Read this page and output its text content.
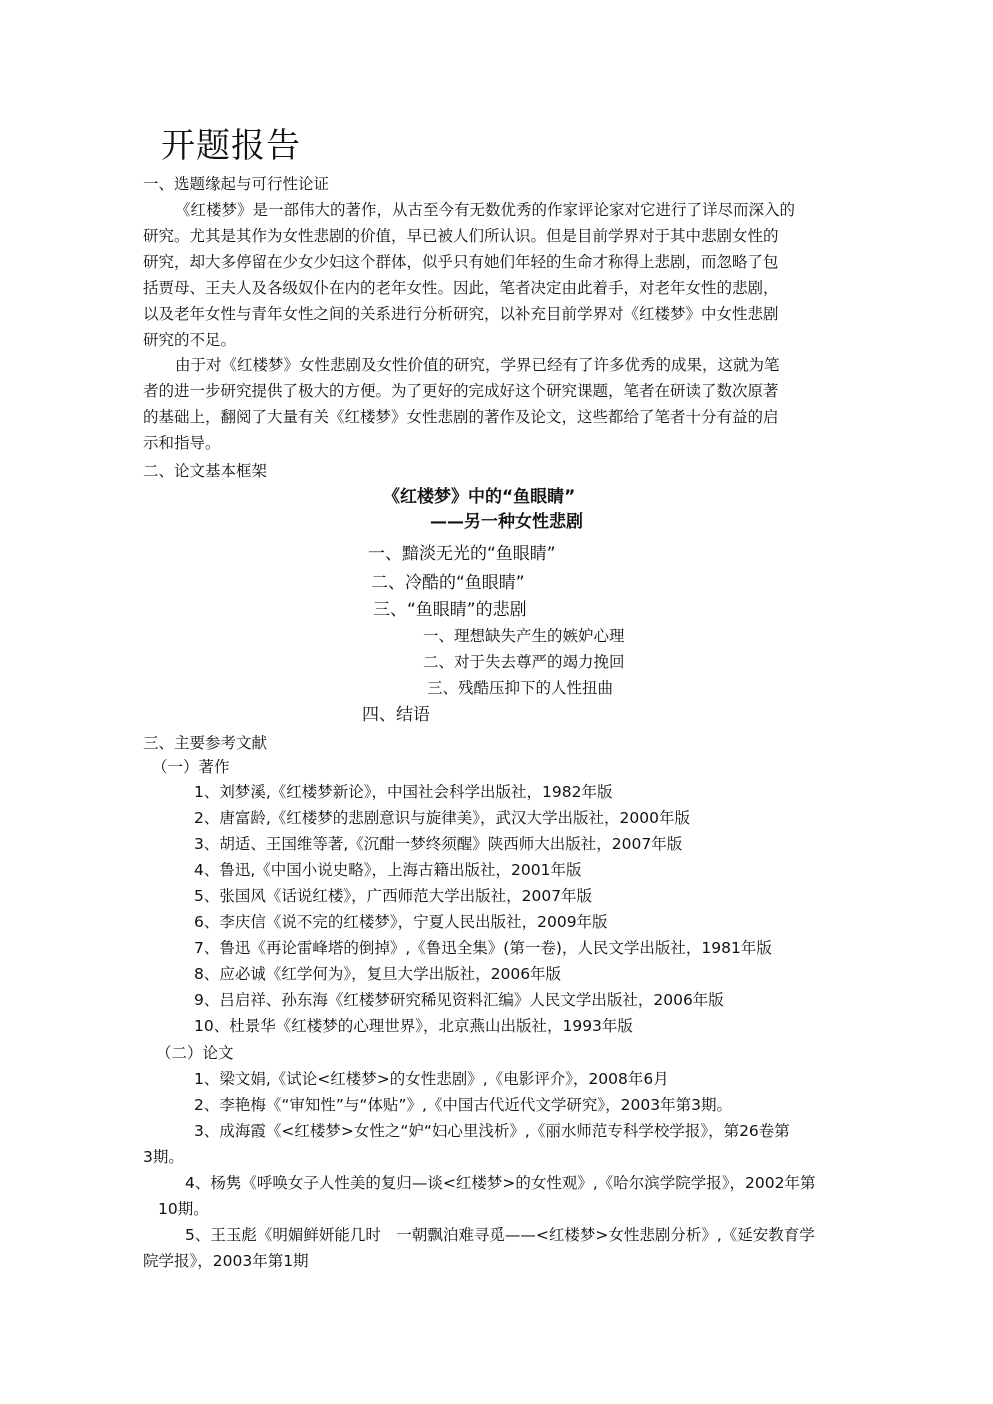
开题报告
一、选题缘起与可行性论证
《红楼梦》是一部伟大的著作，从古至今有无数优秀的作家评论家对它进行了详尽而深入的
研究。尤其是其作为女性悲剧的价值，早已被人们所认识。但是目前学界对于其中悲剧女性的
研究，却大多停留在少女少妇这个群体，似乎只有她们年轻的生命才称得上悲剧，而忽略了包
括贾母、王夫人及各级奴仆在内的老年女性。因此，笔者决定由此着手，对老年女性的悲剧，
以及老年女性与青年女性之间的关系进行分析研究，以补充目前学界对《红楼梦》中女性悲剧
研究的不足。
由于对《红楼梦》女性悲剧及女性价值的研究，学界已经有了许多优秀的成果，这就为笔
者的进一步研究提供了极大的方便。为了更好的完成好这个研究课题，笔者在研读了数次原著
的基础上，翻阅了大量有关《红楼梦》女性悲剧的著作及论文，这些都给了笔者十分有益的启
示和指导。
二、论文基本框架
《红楼梦》中的“鱼眼睛”
——另一种女性悲剧
一、黯淡无光的“鱼眼睛”
二、冷酷的“鱼眼睛”
三、“鱼眼睛”的悲剧
一、理想缺失产生的嫉妒心理
二、对于失去尊严的竭力挽回
三、残酷压抑下的人性扭曲
四、结语
三、主要参考文献
（一）著作
1、刘梦溪,《红楼梦新论》，中国社会科学出版社，1982年版
2、唐富龄,《红楼梦的悲剧意识与旋律美》，武汉大学出版社，2000年版
3、胡适、王国维等著,《沉酣一梦终须醒》陕西师大出版社，2007年版
4、鲁迅,《中国小说史略》，上海古籍出版社，2001年版
5、张国风《话说红楼》，广西师范大学出版社，2007年版
6、李庆信《说不完的红楼梦》，宁夏人民出版社，2009年版
7、鲁迅《再论雷峰塔的倒掉》,《鲁迅全集》(第一卷)，人民文学出版社，1981年版
8、应必诚《红学何为》，复旦大学出版社，2006年版
9、吕启祥、孙东海《红楼梦研究稀见资料汇编》人民文学出版社，2006年版
10、杜景华《红楼梦的心理世界》，北京燕山出版社，1993年版
（二）论文
1、梁文娟,《试论<红楼梦>的女性悲剧》,《电影评介》，2008年6月
2、李艳梅《“审知性”与“体贴”》,《中国古代近代文学研究》，2003年第3期。
3、成海霞《<红楼梦>女性之“妒“妇心里浅析》,《丽水师范专科学校学报》，第26卷第
3期。
4、杨隽《呼唤女子人性美的复归—谈<红楼梦>的女性观》,《哈尔滨学院学报》，2002年第
10期。
5、王玉彪《明媚鲜妍能几时　一朝飘泊难寻觅——<红楼梦>女性悲剧分析》,《延安教育学
院学报》，2003年第1期
